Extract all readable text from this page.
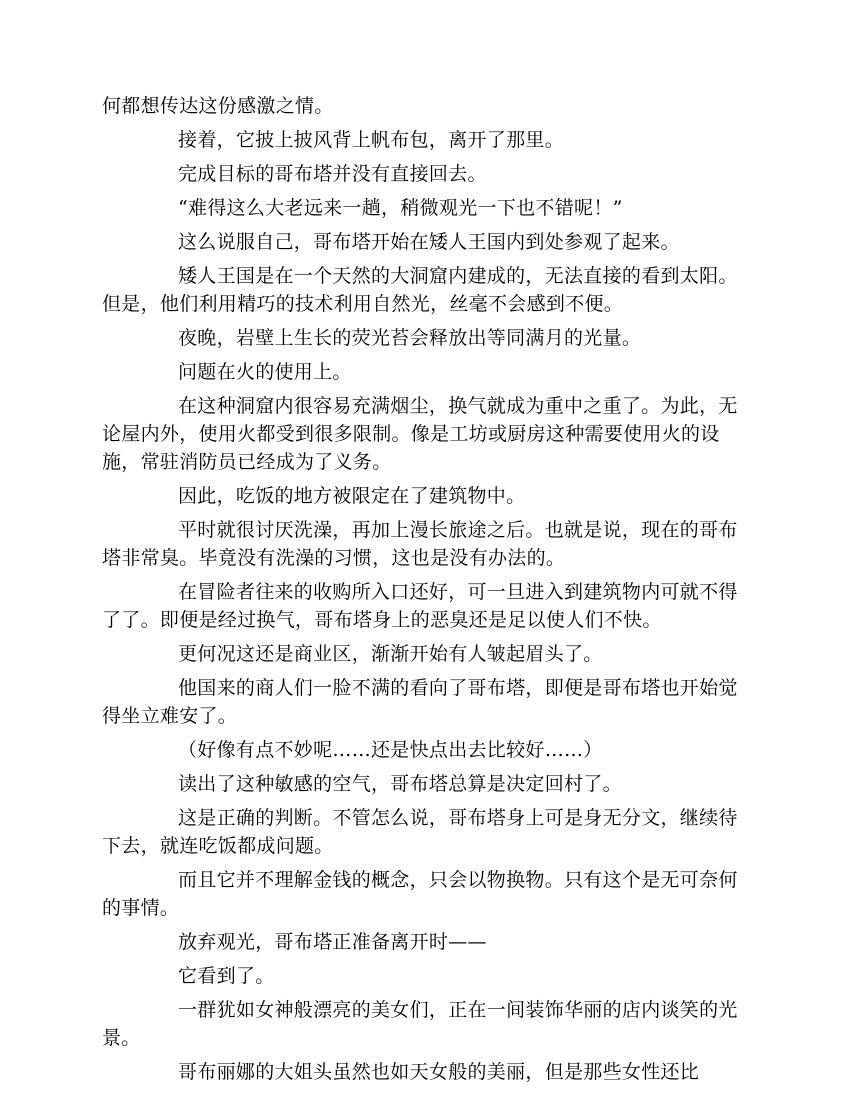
何都想传达这份感激之情。

接着，它披上披风背上帆布包，离开了那里。

完成目标的哥布塔并没有直接回去。

“难得这么大老远来一趟，稍微观光一下也不错呢！”

这么说服自己，哥布塔开始在矮人王国内到处参观了起来。

矮人王国是在一个天然的大洞窟内建成的，无法直接的看到太阳。但是，他们利用精巧的技术利用自然光，丝毫不会感到不便。

夜晚，岩壁上生长的荧光苔会释放出等同满月的光量。

问题在火的使用上。

在这种洞窟内很容易充满烟尘，换气就成为重中之重了。为此，无论屋内外，使用火都受到很多限制。像是工坊或厨房这种需要使用火的设施，常驻消防员已经成为了义务。

因此，吃饭的地方被限定在了建筑物中。

平时就很讨厌洗澡，再加上漫长旅途之后。也就是说，现在的哥布塔非常臭。毕竟没有洗澡的习惯，这也是没有办法的。

在冒险者往来的收购所入口还好，可一旦进入到建筑物内可就不得了了。即便是经过换气，哥布塔身上的恶臭还是足以使人们不快。

更何况这还是商业区，渐渐开始有人皱起眉头了。

他国来的商人们一脸不满的看向了哥布塔，即便是哥布塔也开始觉得坐立难安了。

（好像有点不妙呢……还是快点出去比较好……）

读出了这种敏感的空气，哥布塔总算是决定回村了。

这是正确的判断。不管怎么说，哥布塔身上可是身无分文，继续待下去，就连吃饭都成问题。

而且它并不理解金钱的概念，只会以物换物。只有这个是无可奈何的事情。

放弃观光，哥布塔正准备离开时——

它看到了。

一群犹如女神般漂亮的美女们，正在一间装饰华丽的店内谈笑的光景。

哥布丽娜的大姐头虽然也如天女般的美丽，但是那些女性还比
